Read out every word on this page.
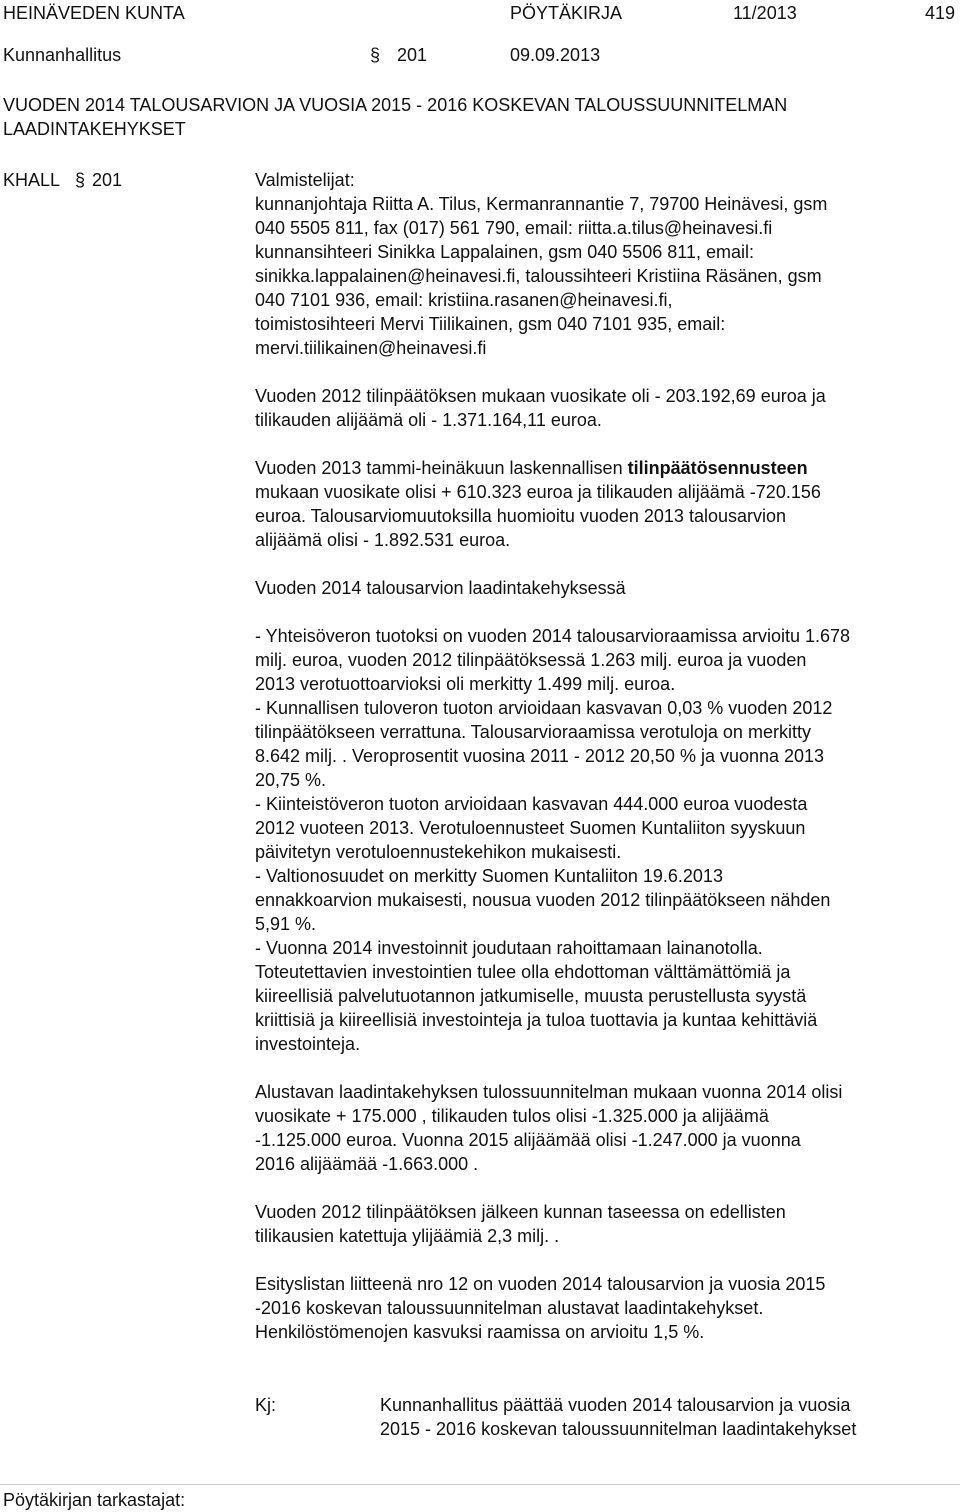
HEINÄVEDEN KUNTA	PÖYTÄKIRJA	11/2013	419
Kunnanhallitus	§ 201	09.09.2013
VUODEN 2014 TALOUSARVION JA VUOSIA 2015 - 2016 KOSKEVAN TALOUSSUUNNITELMAN
LAADINTAKEHYKSET
KHALL § 201	Valmistelijat:
kunnanjohtaja Riitta A. Tilus, Kermanrannantie 7, 79700 Heinävesi, gsm
040 5505 811, fax (017) 561 790, email: riitta.a.tilus@heinavesi.fi
kunnansihteeri Sinikka Lappalainen, gsm 040 5506 811, email:
sinikka.lappalainen@heinavesi.fi, taloussihteeri Kristiina Räsänen, gsm
040 7101 936, email: kristiina.rasanen@heinavesi.fi,
toimistosihteeri Mervi Tiilikainen, gsm 040 7101 935, email:
mervi.tiilikainen@heinavesi.fi
Vuoden 2012 tilinpäätöksen mukaan vuosikate oli - 203.192,69 euroa ja
tilikauden alijäämä oli - 1.371.164,11 euroa.
Vuoden 2013 tammi-heinäkuun laskennallisen tilinpäätösennusteen
mukaan vuosikate olisi + 610.323 euroa ja tilikauden alijäämä -720.156
euroa. Talousarviomuutoksilla huomioitu vuoden 2013 talousarvion
alijäämä olisi - 1.892.531 euroa.
Vuoden 2014 talousarvion laadintakehyksessä
- Yhteisöveron tuotoksi on vuoden 2014 talousarvioraamissa arvioitu 1.678
milj. euroa, vuoden 2012 tilinpäätöksessä 1.263 milj. euroa ja vuoden
2013 verotuottoarvioksi oli merkitty 1.499 milj. euroa.
- Kunnallisen tuloveron tuoton arvioidaan kasvavan 0,03 % vuoden 2012
tilinpäätökseen verrattuna. Talousarvioraamissa verotuloja on merkitty
8.642 milj. . Veroprosentit vuosina 2011 - 2012 20,50 % ja vuonna 2013
20,75 %.
- Kiinteistöveron tuoton arvioidaan kasvavan 444.000 euroa vuodesta
2012 vuoteen 2013. Verotuloennusteet Suomen Kuntaliiton syyskuun
päivitetyn verotuloennustekehikon mukaisesti.
- Valtionosuudet on merkitty Suomen Kuntaliiton 19.6.2013
ennakkoarvion mukaisesti, nousua vuoden 2012 tilinpäätökseen nähden
5,91 %.
- Vuonna 2014 investoinnit joudutaan rahoittamaan lainanotolla.
Toteutettavien investointien tulee olla ehdottoman välttämättömiä ja
kiireellisiä palvelutuotannon jatkumiselle, muusta perustellusta syystä
kriittisiä ja kiireellisiä investointeja ja tuloa tuottavia ja kuntaa kehittäviä
investointeja.
Alustavan laadintakehyksen tulossuunnitelman mukaan vuonna 2014 olisi
vuosikate + 175.000 , tilikauden tulos olisi -1.325.000 ja alijäämä
-1.125.000 euroa. Vuonna 2015 alijäämää olisi -1.247.000 ja vuonna
2016 alijäämää -1.663.000 .
Vuoden 2012 tilinpäätöksen jälkeen kunnan taseessa on edellisten
tilikausien katettuja ylijäämiä 2,3 milj. .
Esityslistan liitteenä nro 12 on vuoden 2014 talousarvion ja vuosia 2015
-2016 koskevan taloussuunnitelman alustavat laadintakehykset.
Henkilöstömenojen kasvuksi raamissa on arvioitu 1,5 %.
Kj:	Kunnanhallitus päättää vuoden 2014 talousarvion ja vuosia
2015 - 2016 koskevan taloussuunnitelman laadintakehykset
Pöytäkirjan tarkastajat:
